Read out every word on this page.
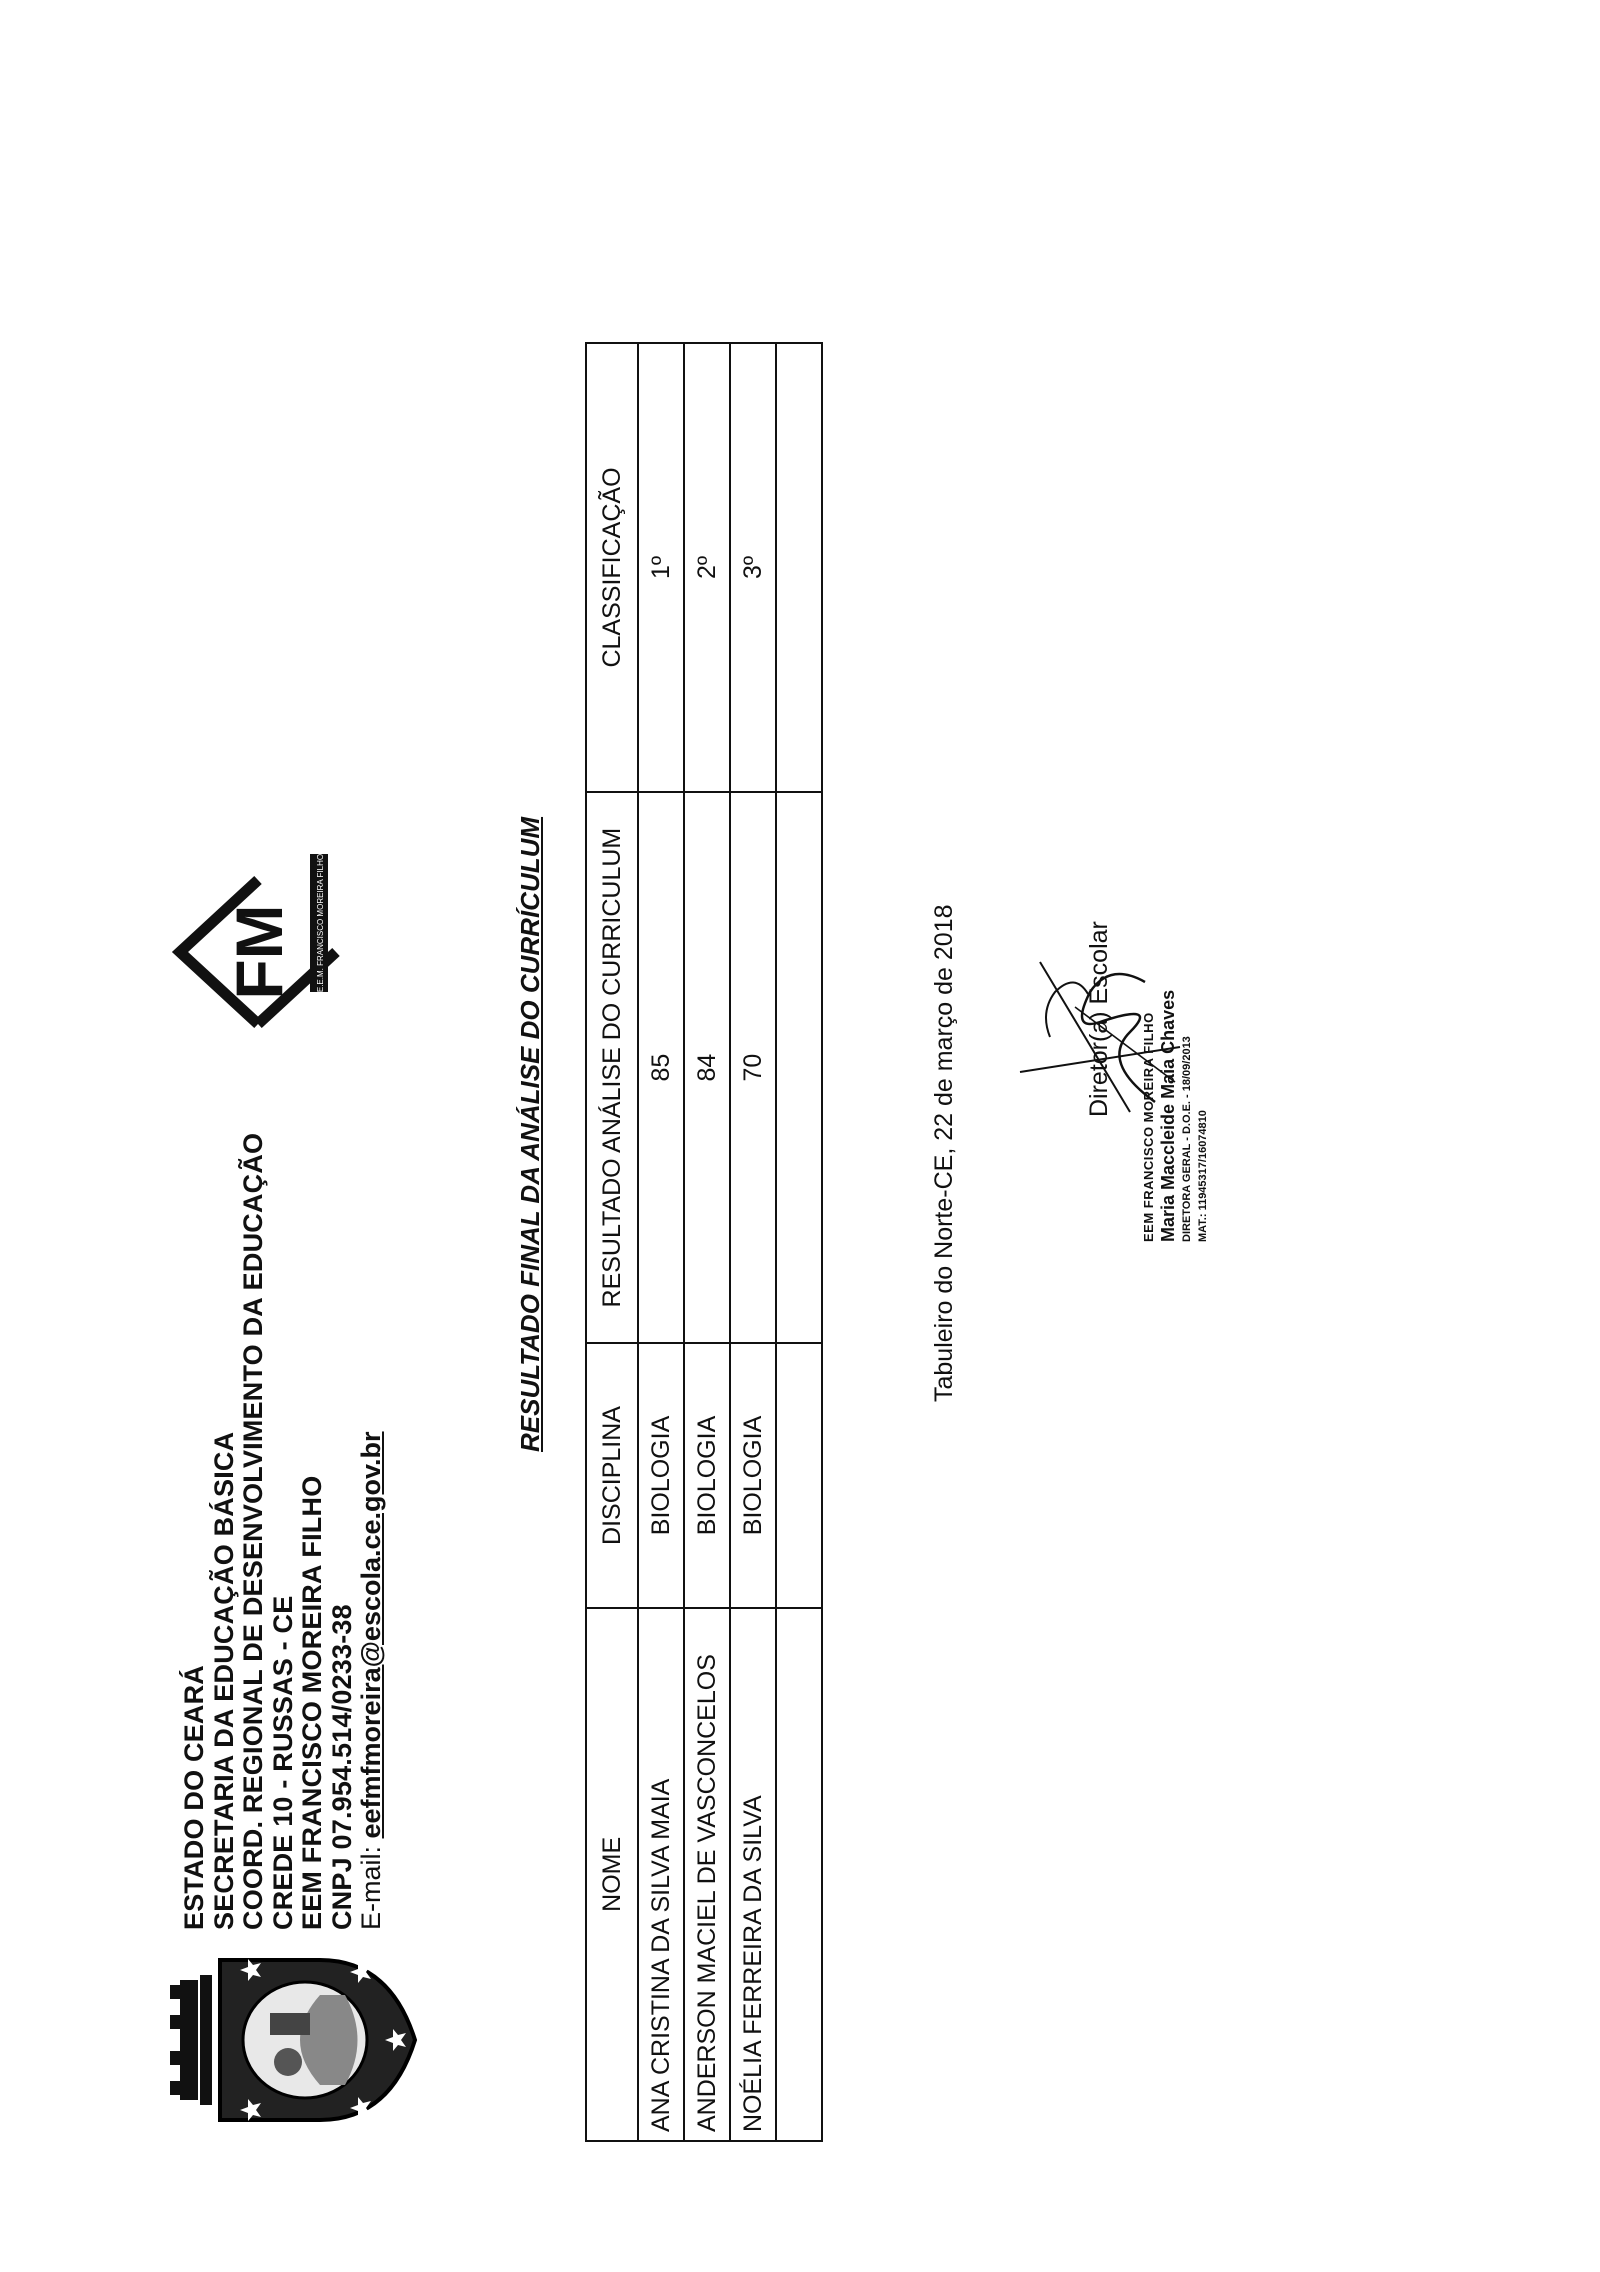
ESTADO DO CEARÁ SECRETARIA DA EDUCAÇÃO BÁSICA COORD. REGIONAL DE DESENVOLVIMENTO DA EDUCAÇÃO CREDE 10 - RUSSAS - CE EEM FRANCISCO MOREIRA FILHO CNPJ 07.954.514/0233-38 E-mail: eefmfmoreira@escola.ce.gov.br
FM	E.E.M. FRANCISCO MOREIRA FILHO	RESULTADO FINAL DA ANÁLISE DO CURRÍCULUM
NOME	DISCIPLINA	RESULTADO ANÁLISE DO CURRICULUM	CLASSIFICAÇÃO
ANA CRISTINA DA SILVA MAIA	BIOLOGIA	85	1º
ANDERSON MACIEL DE VASCONCELOS	BIOLOGIA	84	2º
NOÉLIA FERREIRA DA SILVA	BIOLOGIA	70	3º

Tabuleiro do Norte-CE, 22 de março de 2018	Diretor(a) Escolar EEM FRANCISCO MOREIRA FILHO Maria Maccleide Maia Chaves DIRETORA GERAL - D.O.E. - 18/09/2013 MAT.: 11945317/16074810
